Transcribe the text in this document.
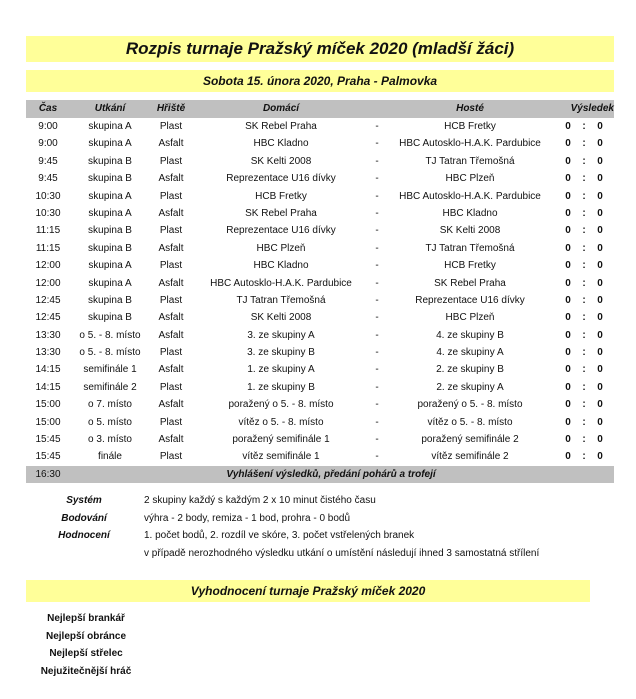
Rozpis turnaje Pražský míček 2020 (mladší žáci)
Sobota 15. února 2020, Praha - Palmovka
Čas	Utkání	Hřiště	Domácí	Hosté	Výsledek
9:00	skupina A	Plast	SK Rebel Praha	-	HCB Fretky	0	:	0
9:00	skupina A	Asfalt	HBC Kladno	-	HBC Autosklo-H.A.K. Pardubice	0	:	0
9:45	skupina B	Plast	SK Kelti 2008	-	TJ Tatran Třemošná	0	:	0
9:45	skupina B	Asfalt	Reprezentace U16 dívky	-	HBC Plzeň	0	:	0
10:30	skupina A	Plast	HCB Fretky	-	HBC Autosklo-H.A.K. Pardubice	0	:	0
10:30	skupina A	Asfalt	SK Rebel Praha	-	HBC Kladno	0	:	0
11:15	skupina B	Plast	Reprezentace U16 dívky	-	SK Kelti 2008	0	:	0
11:15	skupina B	Asfalt	HBC Plzeň	-	TJ Tatran Třemošná	0	:	0
12:00	skupina A	Plast	HBC Kladno	-	HCB Fretky	0	:	0
12:00	skupina A	Asfalt	HBC Autosklo-H.A.K. Pardubice	-	SK Rebel Praha	0	:	0
12:45	skupina B	Plast	TJ Tatran Třemošná	-	Reprezentace U16 dívky	0	:	0
12:45	skupina B	Asfalt	SK Kelti 2008	-	HBC Plzeň	0	:	0
13:30	o 5. - 8. místo	Asfalt	3. ze skupiny A	-	4. ze skupiny B	0	:	0
13:30	o 5. - 8. místo	Plast	3. ze skupiny B	-	4. ze skupiny A	0	:	0
14:15	semifinále 1	Asfalt	1. ze skupiny A	-	2. ze skupiny B	0	:	0
14:15	semifinále 2	Plast	1. ze skupiny B	-	2. ze skupiny A	0	:	0
15:00	o 7. místo	Asfalt	poražený o 5. - 8. místo	-	poražený o 5. - 8. místo	0	:	0
15:00	o 5. místo	Plast	vítěz o 5. - 8. místo	-	vítěz o 5. - 8. místo	0	:	0
15:45	o 3. místo	Asfalt	poražený semifinále 1	-	poražený semifinále 2	0	:	0
15:45	finále	Plast	vítěz semifinále 1	-	vítěz semifinále 2	0	:	0
16:30	Vyhlášení výsledků, předání pohárů a trofejí
Systém	2 skupiny každý s každým 2 x 10 minut čistého času
Bodování	výhra - 2 body, remiza - 1 bod, prohra - 0 bodů
Hodnocení	1. počet bodů, 2. rozdíl ve skóre, 3. počet vstřelených branek
v případě nerozhodného výsledku utkání o umístění následují ihned 3 samostatná střílení
Vyhodnocení turnaje Pražský míček 2020
Nejlepší brankář
Nejlepší obránce
Nejlepší střelec
Nejužitečnější hráč
